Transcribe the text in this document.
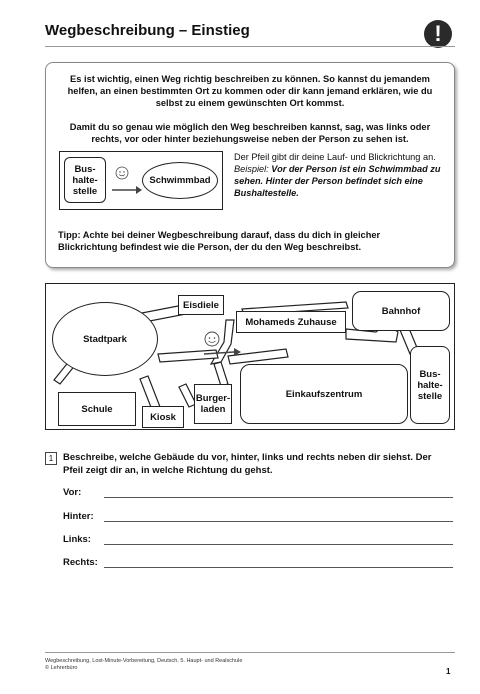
Wegbeschreibung – Einstieg	!
Es ist wichtig, einen Weg richtig beschreiben zu können. So kannst du jemandem helfen, an einen bestimmten Ort zu kommen oder dir kann jemand erklären, wie du selbst zu einem gewünschten Ort kommst.
Damit du so genau wie möglich den Weg beschreiben kannst, sag, was links oder rechts, vor oder hinter beziehungsweise neben der Person zu sehen ist.
Bus-
halte-
stelle
Schwimmbad
Der Pfeil gibt dir deine Lauf- und Blickrichtung an.
Beispiel: Vor der Person ist ein Schwimmbad zu sehen. Hinter der Person befindet sich eine Bushaltestelle.
Tipp: Achte bei deiner Wegbeschreibung darauf, dass du dich in gleicher Blickrichtung befindest wie die Person, der du den Weg beschreibst.
Stadtpark
Eisdiele
Mohameds Zuhause
Bahnhof
Schule
Kiosk
Burger-
laden
Einkaufszentrum
Bus-
halte-
stelle
1	Beschreibe, welche Gebäude du vor, hinter, links und rechts neben dir siehst. Der Pfeil zeigt dir an, in welche Richtung du gehst.
Vor:
Hinter:
Links:
Rechts:
Wegbeschreibung, Lost-Minute-Vorbereitung, Deutsch, 5. Haupt- und Realschule
© Lehrerbüro	1
